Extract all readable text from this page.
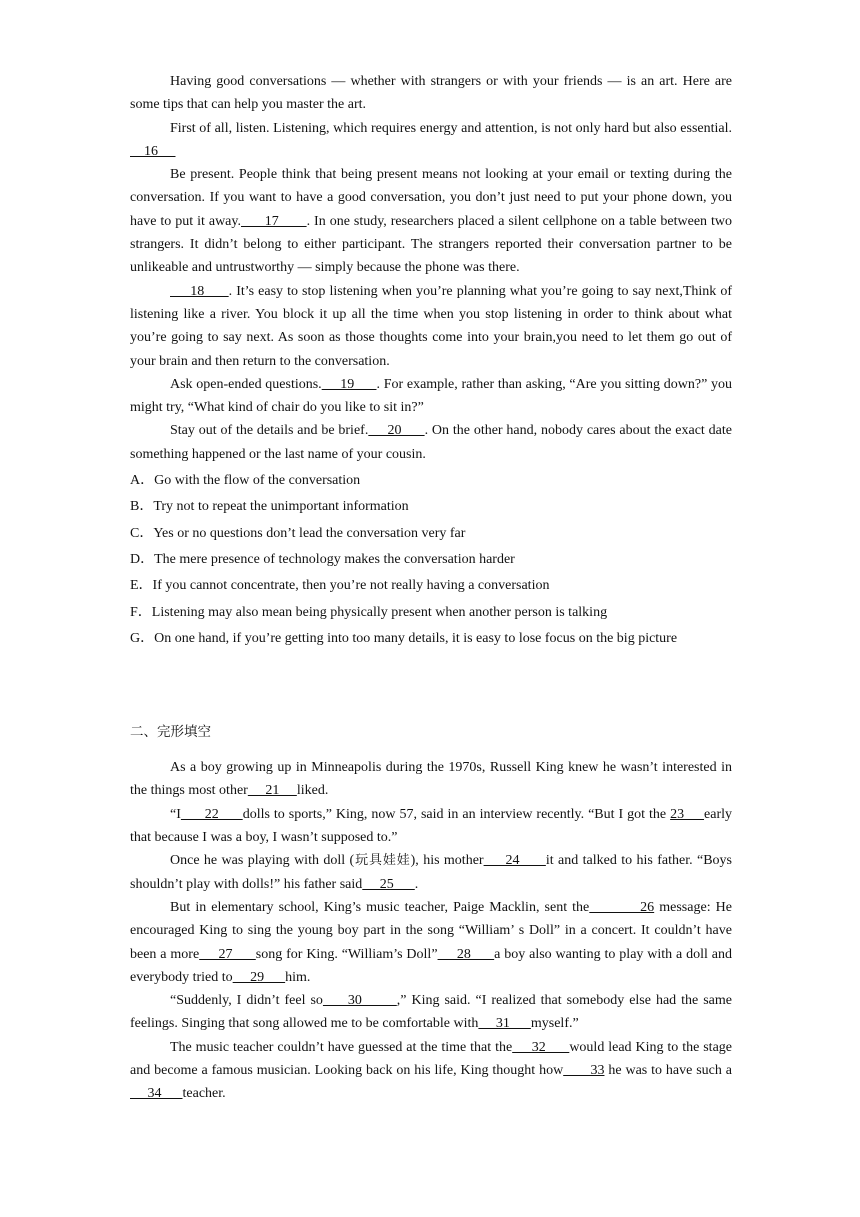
Having good conversations — whether with strangers or with your friends — is an art. Here are some tips that can help you master the art.

First of all, listen. Listening, which requires energy and attention, is not only hard but also essential.    16

Be present. People think that being present means not looking at your email or texting during the conversation. If you want to have a good conversation, you don’t just need to put your phone down, you have to put it away.      17       . In one study, researchers placed a silent cellphone on a table between two strangers. It didn’t belong to either participant. The strangers reported their conversation partner to be unlikeable and untrustworthy — simply because the phone was there.

18      . It’s easy to stop listening when you’re planning what you’re going to say next,Think of listening like a river. You block it up all the time when you stop listening in order to think about what you’re going to say next. As soon as those thoughts come into your brain,you need to let them go out of your brain and then return to the conversation.

Ask open-ended questions.     19      . For example, rather than asking, “Are you sitting down?” you might try, “What kind of chair do you like to sit in?”

Stay out of the details and be brief.     20      . On the other hand, nobody cares about the exact date something happened or the last name of your cousin.

A．Go with the flow of the conversation
B．Try not to repeat the unimportant information
C．Yes or no questions don’t lead the conversation very far
D．The mere presence of technology makes the conversation harder
E．If you cannot concentrate, then you’re not really having a conversation
F．Listening may also mean being physically present when another person is talking
G．On one hand, if you’re getting into too many details, it is easy to lose focus on the big picture
二、完形填空

As a boy growing up in Minneapolis during the 1970s, Russell King knew he wasn’t interested in the things most other     21     liked.

“I      22      dolls to sports,” King, now 57, said in an interview recently. “But I got the 23     early that because I was a boy, I wasn’t supposed to.”

Once he was playing with doll (玩具娃娃), his mother     24      it and talked to his father. “Boys shouldn’t play with dolls!” his father said     25      .

But in elementary school, King’s music teacher, Paige Macklin, sent the          26 message: He encouraged King to sing the young boy part in the song “William’ s Doll” in a concert. It couldn’t have been a more     27      song for King. “William’s Doll”     28      a boy also wanting to play with a doll and everybody tried to     29      him.

“Suddenly, I didn’t feel so     30       ,” King said. “I realized that somebody else had the same feelings. Singing that song allowed me to be comfortable with     31      myself.”

The music teacher couldn’t have guessed at the time that the     32      would lead King to the stage and become a famous musician. Looking back on his life, King thought how       33 he was to have such a     34      teacher.
